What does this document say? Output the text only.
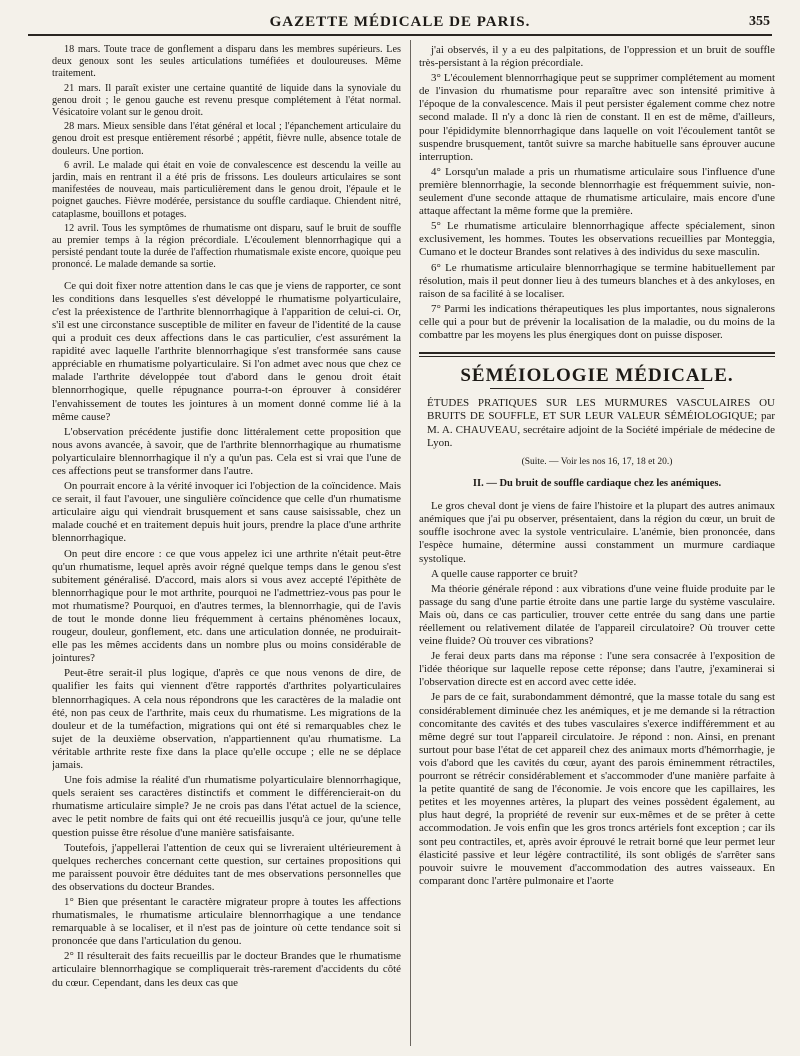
GAZETTE MÉDICALE DE PARIS.	355

18 mars. Toute trace de gonflement a disparu dans les membres supérieurs. Les deux genoux sont les seules articulations tuméfiées et douloureuses. Même traitement.

21 mars. Il paraît exister une certaine quantité de liquide dans la synoviale du genou droit ; le genou gauche est revenu presque complétement à l'état normal. Vésicatoire volant sur le genou droit.

28 mars. Mieux sensible dans l'état général et local ; l'épanchement articulaire du genou droit est presque entièrement résorbé ; appétit, fièvre nulle, absence totale de douleurs. Une portion.

6 avril. Le malade qui était en voie de convalescence est descendu la veille au jardin, mais en rentrant il a été pris de frissons. Les douleurs articulaires se sont manifestées de nouveau, mais particulièrement dans le genou droit, l'épaule et le poignet gauches. Fièvre modérée, persistance du souffle cardiaque. Chiendent nitré, cataplasme, bouillons et potages.

12 avril. Tous les symptômes de rhumatisme ont disparu, sauf le bruit de souffle au premier temps à la région précordiale. L'écoulement blennorrhagique qui a persisté pendant toute la durée de l'affection rhumatismale existe encore, quoique peu prononcé. Le malade demande sa sortie.

Ce qui doit fixer notre attention dans le cas que je viens de rapporter, ce sont les conditions dans lesquelles s'est développé le rhumatisme polyarticulaire, c'est la préexistence de l'arthrite blennorrhagique à l'apparition de celui-ci. Or, s'il est une circonstance susceptible de militer en faveur de l'identité de la cause qui a produit ces deux affections dans le cas particulier, c'est assurément la rapidité avec laquelle l'arthrite blennorrhagique s'est transformée sans cause appréciable en rhumatisme polyarticulaire. Si l'on admet avec nous que chez ce malade l'arthrite développée tout d'abord dans le genou droit était blennorrhogique, quelle répugnance pourra-t-on éprouver à considérer l'envahissement de toutes les jointures à un moment donné comme lié à la même cause?

L'observation précédente justifie donc littéralement cette proposition que nous avons avancée, à savoir, que de l'arthrite blennorrhagique au rhumatisme polyarticulaire blennorrhagique il n'y a qu'un pas. Cela est si vrai que l'une de ces affections peut se transformer dans l'autre.

On pourrait encore à la vérité invoquer ici l'objection de la coïncidence. Mais ce serait, il faut l'avouer, une singulière coïncidence que celle d'un rhumatisme articulaire aigu qui viendrait brusquement et sans cause saisissable, chez un malade couché et en traitement depuis huit jours, prendre la place d'une arthrite blennorrhagique.

On peut dire encore : ce que vous appelez ici une arthrite n'était peut-être qu'un rhumatisme, lequel après avoir régné quelque temps dans le genou s'est subitement généralisé. D'accord, mais alors si vous avez accepté l'épithète de blennorrhagique pour le mot arthrite, pourquoi ne l'admettriez-vous pas pour le mot rhumatisme? Pourquoi, en d'autres termes, la blennorrhagie, qui de l'avis de tout le monde donne lieu fréquemment à certains phénomènes locaux, rougeur, douleur, gonflement, etc. dans une articulation donnée, ne produirait-elle pas les mêmes accidents dans un nombre plus ou moins considérable de jointures?

Peut-être serait-il plus logique, d'après ce que nous venons de dire, de qualifier les faits qui viennent d'être rapportés d'arthrites polyarticulaires blennorrhagiques. A cela nous répondrons que les caractères de la maladie ont été, non pas ceux de l'arthrite, mais ceux du rhumatisme. Les migrations de la douleur et de la tuméfaction, migrations qui ont été si remarquables chez le sujet de la deuxième observation, n'appartiennent qu'au rhumatisme. La véritable arthrite reste fixe dans la place qu'elle occupe ; elle ne se déplace jamais.

Une fois admise la réalité d'un rhumatisme polyarticulaire blennorrhagique, quels seraient ses caractères distinctifs et comment le différencierait-on du rhumatisme articulaire simple? Je ne crois pas dans l'état actuel de la science, avec le petit nombre de faits qui ont été recueillis jusqu'à ce jour, qu'une telle question puisse être résolue d'une manière satisfaisante.

Toutefois, j'appellerai l'attention de ceux qui se livreraient ultérieurement à quelques recherches concernant cette question, sur certaines propositions qui me paraissent pouvoir être déduites tant de mes observations personnelles que des observations du docteur Brandes.

1° Bien que présentant le caractère migrateur propre à toutes les affections rhumatismales, le rhumatisme articulaire blennorrhagique a une tendance remarquable à se localiser, et il n'est pas de jointure où cette tendance soit si prononcée que dans l'articulation du genou.

2° Il résulterait des faits recueillis par le docteur Brandes que le rhumatisme articulaire blennorrhagique se compliquerait très-rarement d'accidents du côté du cœur. Cependant, dans les deux cas que

j'ai observés, il y a eu des palpitations, de l'oppression et un bruit de souffle très-persistant à la région précordiale.

3° L'écoulement blennorrhagique peut se supprimer complétement au moment de l'invasion du rhumatisme pour reparaître avec son intensité primitive à l'époque de la convalescence. Mais il peut persister également comme chez notre second malade. Il n'y a donc là rien de constant. Il en est de même, d'ailleurs, pour l'épididymite blennorrhagique dans laquelle on voit l'écoulement tantôt se suspendre brusquement, tantôt suivre sa marche habituelle sans éprouver aucune interruption.

4° Lorsqu'un malade a pris un rhumatisme articulaire sous l'influence d'une première blennorrhagie, la seconde blennorrhagie est fréquemment suivie, non-seulement d'une seconde attaque de rhumatisme articulaire, mais encore d'une attaque affectant la même forme que la première.

5° Le rhumatisme articulaire blennorrhagique affecte spécialement, sinon exclusivement, les hommes. Toutes les observations recueillies par Monteggia, Cumano et le docteur Brandes sont relatives à des individus du sexe masculin.

6° Le rhumatisme articulaire blennorrhagique se termine habituellement par résolution, mais il peut donner lieu à des tumeurs blanches et à des ankyloses, en raison de sa facilité à se localiser.

7° Parmi les indications thérapeutiques les plus importantes, nous signalerons celle qui a pour but de prévenir la localisation de la maladie, ou du moins de la combattre par les moyens les plus énergiques dont on puisse disposer.

SÉMÉIOLOGIE MÉDICALE.

ÉTUDES PRATIQUES SUR LES MURMURES VASCULAIRES OU BRUITS DE SOUFFLE, ET SUR LEUR VALEUR SÉMÉIOLOGIQUE; par M. A. CHAUVEAU, secrétaire adjoint de la Société impériale de médecine de Lyon.

(Suite. — Voir les nos 16, 17, 18 et 20.)
II. — Du bruit de souffle cardiaque chez les anémiques.

Le gros cheval dont je viens de faire l'histoire et la plupart des autres animaux anémiques que j'ai pu observer, présentaient, dans la région du cœur, un bruit de souffle isochrone avec la systole ventriculaire. L'anémie, bien prononcée, dans l'espèce humaine, détermine aussi constamment un murmure cardiaque systolique.

A quelle cause rapporter ce bruit?

Ma théorie générale répond : aux vibrations d'une veine fluide produite par le passage du sang d'une partie étroite dans une partie large du système vasculaire. Mais où, dans ce cas particulier, trouver cette entrée du sang dans une partie réellement ou relativement dilatée de l'appareil circulatoire? Où trouver cette veine fluide? Où trouver ces vibrations?

Je ferai deux parts dans ma réponse : l'une sera consacrée à l'exposition de l'idée théorique sur laquelle repose cette réponse; dans l'autre, j'examinerai si l'observation directe est en accord avec cette idée.

Je pars de ce fait, surabondamment démontré, que la masse totale du sang est considérablement diminuée chez les anémiques, et je me demande si la rétraction concomitante des cavités et des tubes vasculaires s'exerce indifféremment et au même degré sur tout l'appareil circulatoire. Je répond : non. Ainsi, en prenant surtout pour base l'état de cet appareil chez des animaux morts d'hémorrhagie, je vois d'abord que les cavités du cœur, ayant des parois éminemment rétractiles, pourront se rétrécir considérablement et s'accommoder d'une manière parfaite à la petite quantité de sang de l'économie. Je vois encore que les capillaires, les petites et les moyennes artères, la plupart des veines possèdent également, au plus haut degré, la propriété de revenir sur eux-mêmes et de se prêter à cette accommodation. Je vois enfin que les gros troncs artériels font exception ; car ils sont peu contractiles, et, après avoir éprouvé le retrait borné que leur permet leur élasticité passive et leur légère contractilité, ils sont obligés de s'arrêter sans pouvoir suivre le mouvement d'accommodation des autres vaisseaux. En comparant donc l'artère pulmonaire et l'aorte
